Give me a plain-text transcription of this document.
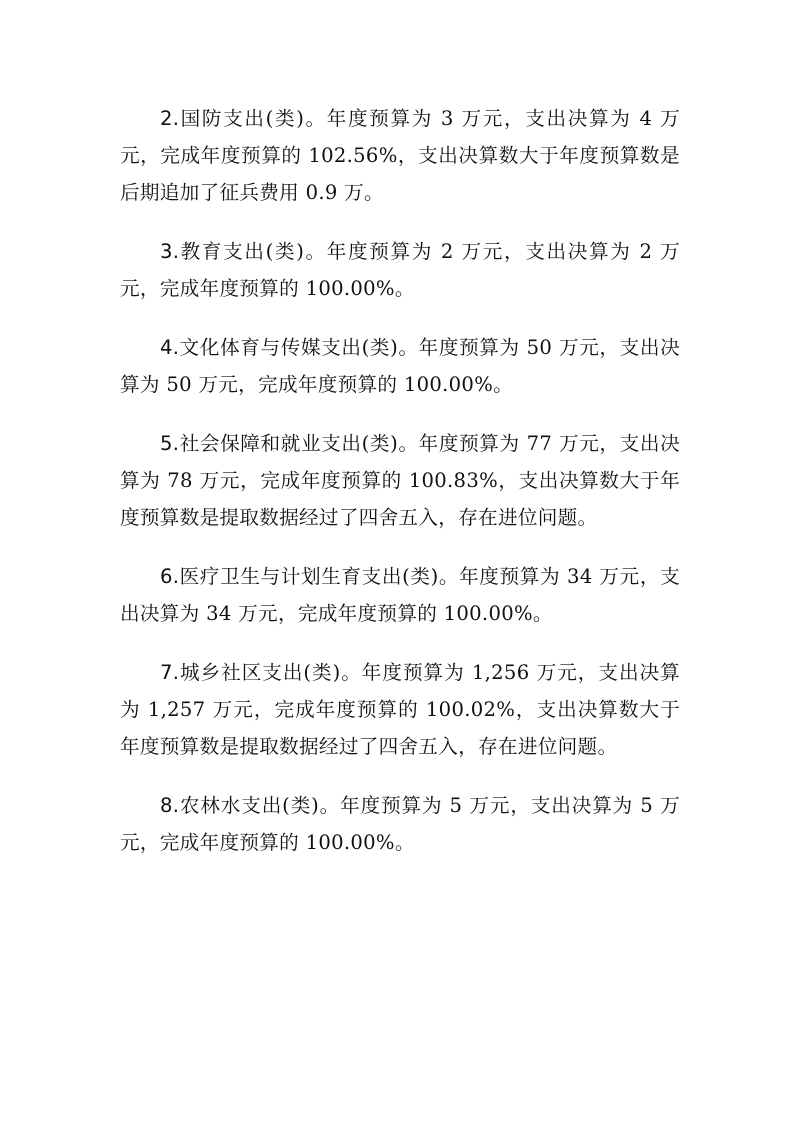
2.国防支出(类)。年度预算为 3 万元，支出决算为 4 万元，完成年度预算的 102.56%，支出决算数大于年度预算数是后期追加了征兵费用 0.9 万。

3.教育支出(类)。年度预算为 2 万元，支出决算为 2 万元，完成年度预算的 100.00%。

4.文化体育与传媒支出(类)。年度预算为 50 万元，支出决算为 50 万元，完成年度预算的 100.00%。

5.社会保障和就业支出(类)。年度预算为 77 万元，支出决算为 78 万元，完成年度预算的 100.83%，支出决算数大于年度预算数是提取数据经过了四舍五入，存在进位问题。

6.医疗卫生与计划生育支出(类)。年度预算为 34 万元，支出决算为 34 万元，完成年度预算的 100.00%。

7.城乡社区支出(类)。年度预算为 1,256 万元，支出决算为 1,257 万元，完成年度预算的 100.02%，支出决算数大于年度预算数是提取数据经过了四舍五入，存在进位问题。

8.农林水支出(类)。年度预算为 5 万元，支出决算为 5 万元，完成年度预算的 100.00%。
